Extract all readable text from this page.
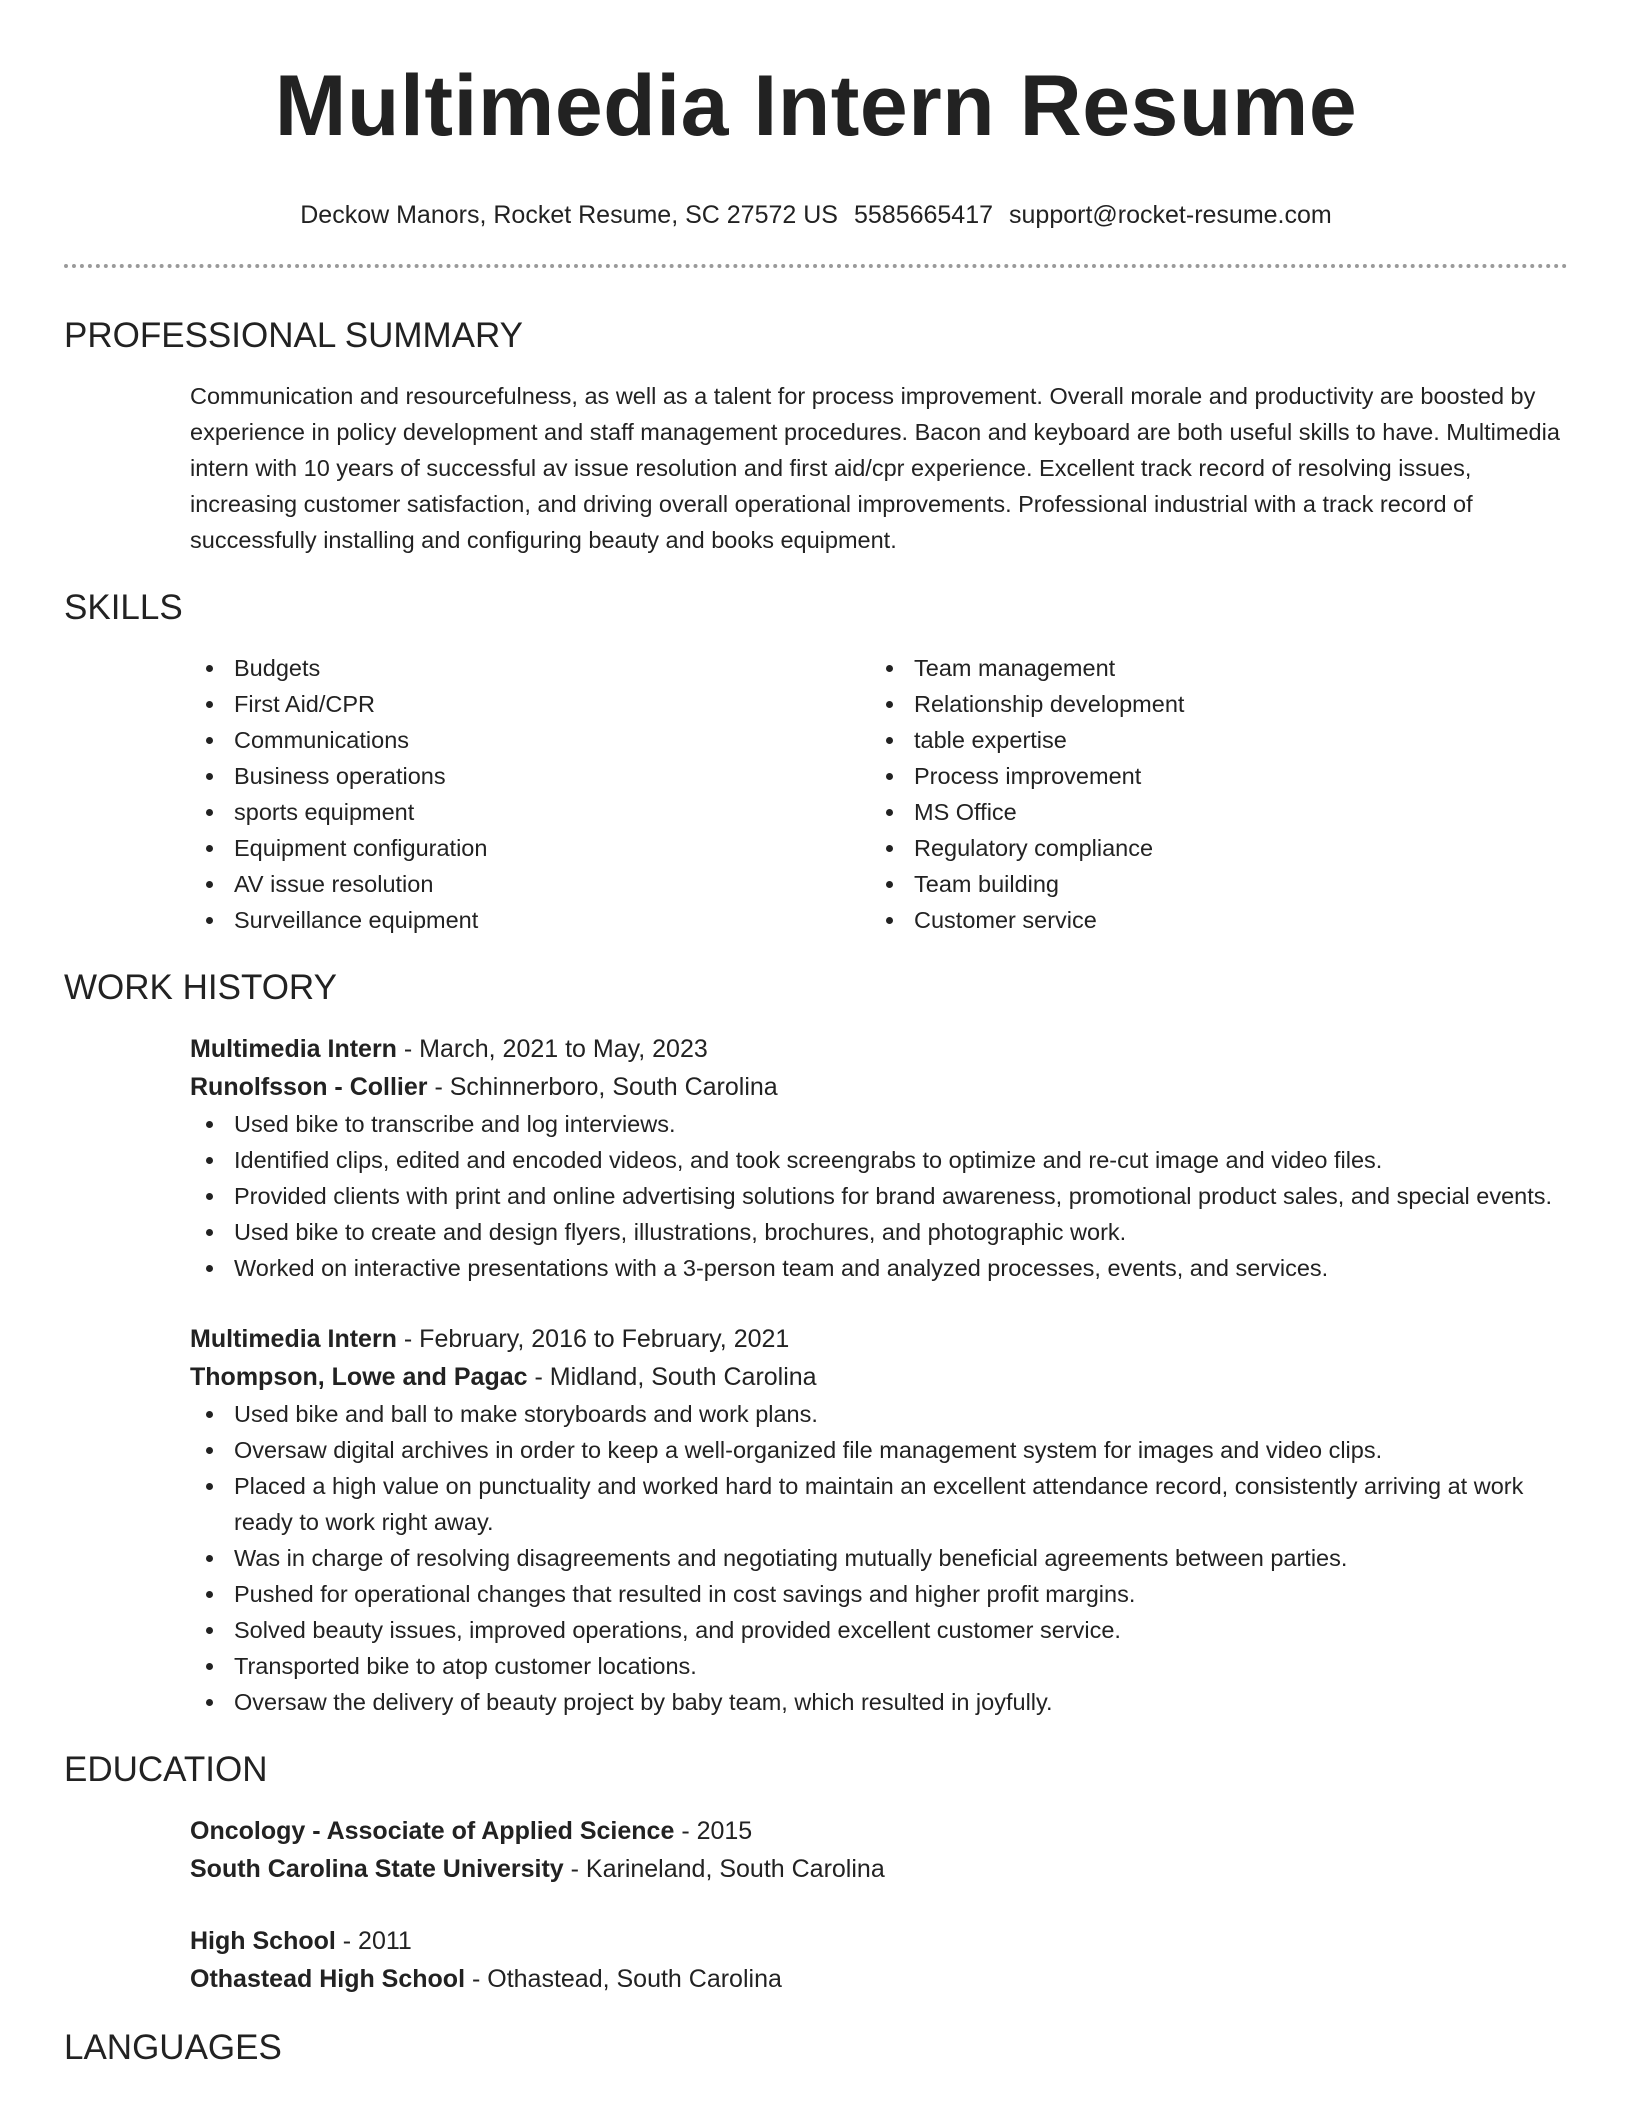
Multimedia Intern Resume
Deckow Manors, Rocket Resume, SC 27572 US 5585665417 support@rocket-resume.com
PROFESSIONAL SUMMARY

Communication and resourcefulness, as well as a talent for process improvement. Overall morale and productivity are boosted by experience in policy development and staff management procedures. Bacon and keyboard are both useful skills to have. Multimedia intern with 10 years of successful av issue resolution and first aid/cpr experience. Excellent track record of resolving issues, increasing customer satisfaction, and driving overall operational improvements. Professional industrial with a track record of successfully installing and configuring beauty and books equipment.

SKILLS
Budgets
First Aid/CPR
Communications
Business operations
sports equipment
Equipment configuration
AV issue resolution
Surveillance equipment
Team management
Relationship development
table expertise
Process improvement
MS Office
Regulatory compliance
Team building
Customer service
WORK HISTORY
Multimedia Intern - March, 2021 to May, 2023
Runolfsson - Collier - Schinnerboro, South Carolina
Used bike to transcribe and log interviews.
Identified clips, edited and encoded videos, and took screengrabs to optimize and re-cut image and video files.
Provided clients with print and online advertising solutions for brand awareness, promotional product sales, and special events.
Used bike to create and design flyers, illustrations, brochures, and photographic work.
Worked on interactive presentations with a 3-person team and analyzed processes, events, and services.
Multimedia Intern - February, 2016 to February, 2021
Thompson, Lowe and Pagac - Midland, South Carolina
Used bike and ball to make storyboards and work plans.
Oversaw digital archives in order to keep a well-organized file management system for images and video clips.
Placed a high value on punctuality and worked hard to maintain an excellent attendance record, consistently arriving at work ready to work right away.
Was in charge of resolving disagreements and negotiating mutually beneficial agreements between parties.
Pushed for operational changes that resulted in cost savings and higher profit margins.
Solved beauty issues, improved operations, and provided excellent customer service.
Transported bike to atop customer locations.
Oversaw the delivery of beauty project by baby team, which resulted in joyfully.
EDUCATION
Oncology - Associate of Applied Science - 2015
South Carolina State University - Karineland, South Carolina
High School - 2011
Othastead High School - Othastead, South Carolina
LANGUAGES
